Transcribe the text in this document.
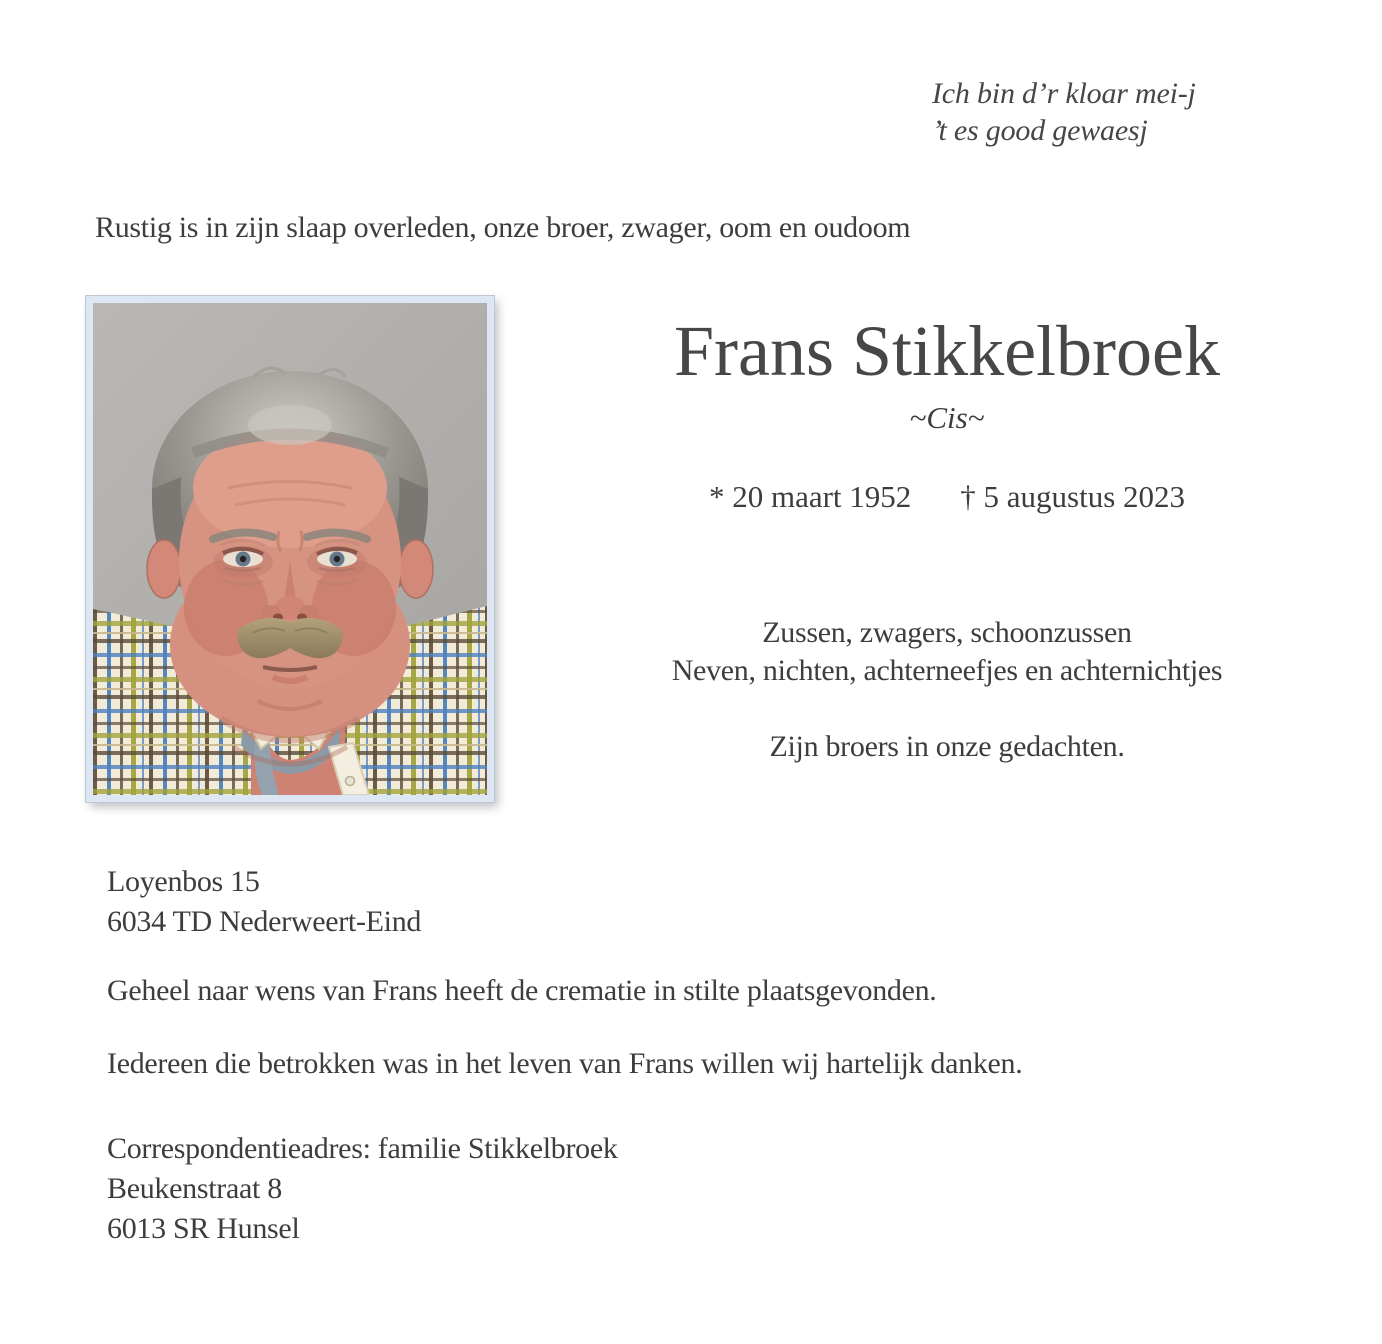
Ich bin d’r kloar mei-j
’t es good gewaesj
Rustig is in zijn slaap overleden, onze broer, zwager, oom en oudoom
Frans Stikkelbroek
~Cis~
* 20 maart 1952 † 5 augustus 2023
Zussen, zwagers, schoonzussen
Neven, nichten, achterneefjes en achternichtjes
Zijn broers in onze gedachten.
Loyenbos 15
6034 TD Nederweert-Eind
Geheel naar wens van Frans heeft de crematie in stilte plaatsgevonden.
Iedereen die betrokken was in het leven van Frans willen wij hartelijk danken.
Correspondentieadres: familie Stikkelbroek
Beukenstraat 8
6013 SR Hunsel
